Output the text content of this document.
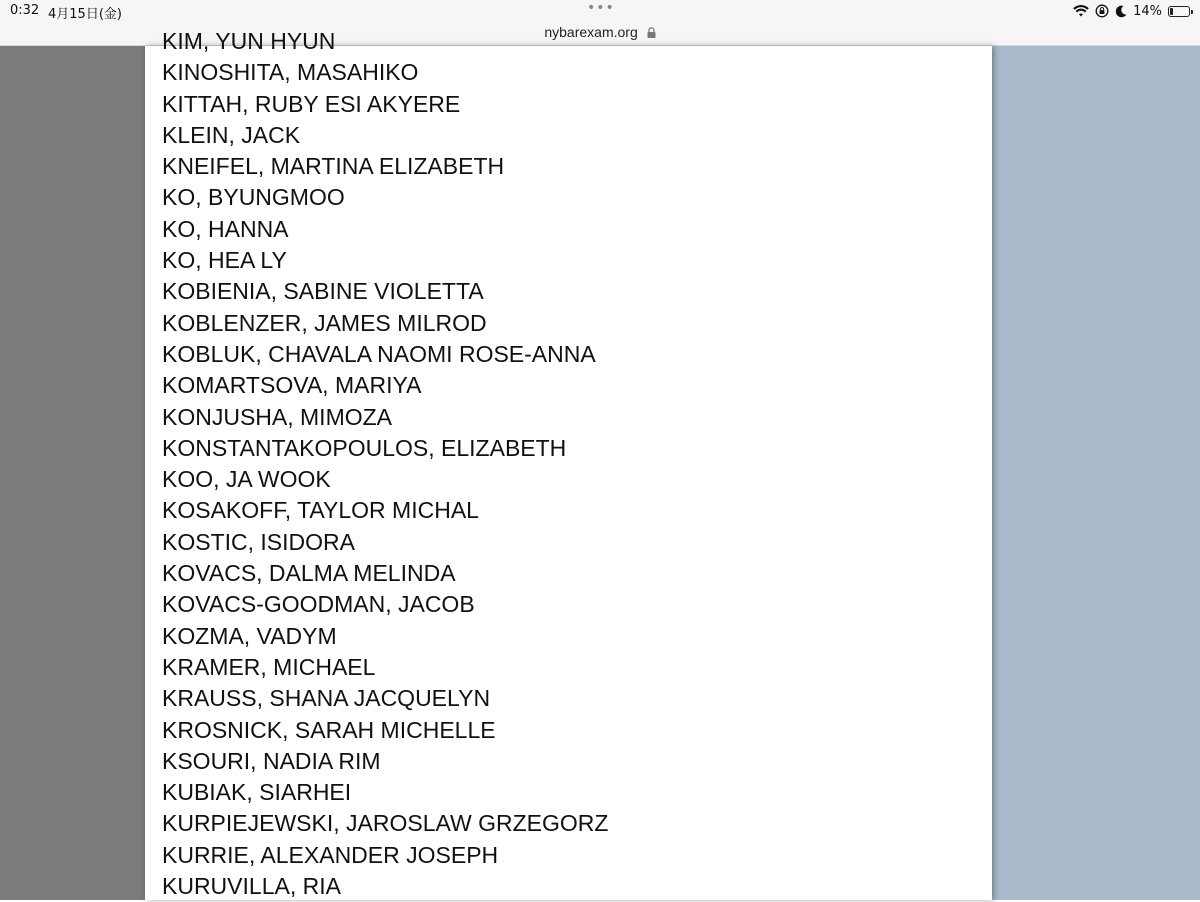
0:32 4月15日(金)	•••	14%
nybarexam.org
KIM, YUN HYUN
KINOSHITA, MASAHIKO
KITTAH, RUBY ESI AKYERE
KLEIN, JACK
KNEIFEL, MARTINA ELIZABETH
KO, BYUNGMOO
KO, HANNA
KO, HEA LY
KOBIENIA, SABINE VIOLETTA
KOBLENZER, JAMES MILROD
KOBLUK, CHAVALA NAOMI ROSE-ANNA
KOMARTSOVA, MARIYA
KONJUSHA, MIMOZA
KONSTANTAKOPOULOS, ELIZABETH
KOO, JA WOOK
KOSAKOFF, TAYLOR MICHAL
KOSTIC, ISIDORA
KOVACS, DALMA MELINDA
KOVACS-GOODMAN, JACOB
KOZMA, VADYM
KRAMER, MICHAEL
KRAUSS, SHANA JACQUELYN
KROSNICK, SARAH MICHELLE
KSOURI, NADIA RIM
KUBIAK, SIARHEI
KURPIEJEWSKI, JAROSLAW GRZEGORZ
KURRIE, ALEXANDER JOSEPH
KURUVILLA, RIA
